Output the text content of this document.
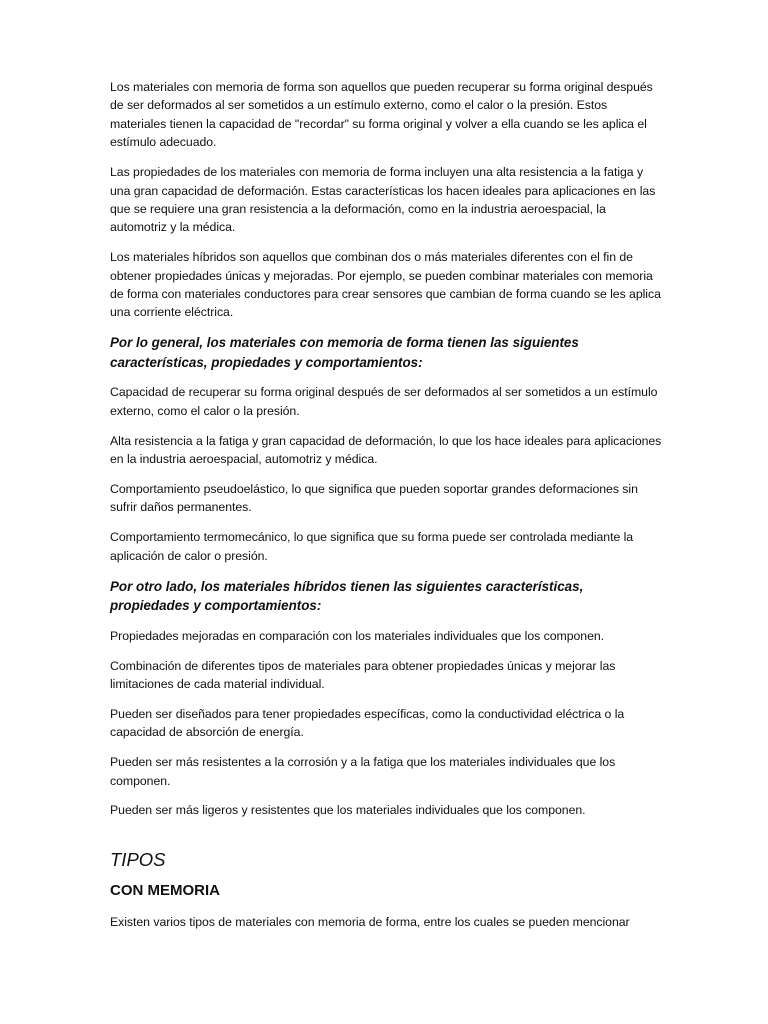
Los materiales con memoria de forma son aquellos que pueden recuperar su forma original después de ser deformados al ser sometidos a un estímulo externo, como el calor o la presión. Estos materiales tienen la capacidad de "recordar" su forma original y volver a ella cuando se les aplica el estímulo adecuado.

Las propiedades de los materiales con memoria de forma incluyen una alta resistencia a la fatiga y una gran capacidad de deformación. Estas características los hacen ideales para aplicaciones en las que se requiere una gran resistencia a la deformación, como en la industria aeroespacial, la automotriz y la médica.

Los materiales híbridos son aquellos que combinan dos o más materiales diferentes con el fin de obtener propiedades únicas y mejoradas. Por ejemplo, se pueden combinar materiales con memoria de forma con materiales conductores para crear sensores que cambian de forma cuando se les aplica una corriente eléctrica.

Por lo general, los materiales con memoria de forma tienen las siguientes características, propiedades y comportamientos:

Capacidad de recuperar su forma original después de ser deformados al ser sometidos a un estímulo externo, como el calor o la presión.

Alta resistencia a la fatiga y gran capacidad de deformación, lo que los hace ideales para aplicaciones en la industria aeroespacial, automotriz y médica.

Comportamiento pseudoelástico, lo que significa que pueden soportar grandes deformaciones sin sufrir daños permanentes.

Comportamiento termomecánico, lo que significa que su forma puede ser controlada mediante la aplicación de calor o presión.

Por otro lado, los materiales híbridos tienen las siguientes características, propiedades y comportamientos:

Propiedades mejoradas en comparación con los materiales individuales que los componen.

Combinación de diferentes tipos de materiales para obtener propiedades únicas y mejorar las limitaciones de cada material individual.

Pueden ser diseñados para tener propiedades específicas, como la conductividad eléctrica o la capacidad de absorción de energía.

Pueden ser más resistentes a la corrosión y a la fatiga que los materiales individuales que los componen.

Pueden ser más ligeros y resistentes que los materiales individuales que los componen.

TIPOS
CON MEMORIA

Existen varios tipos de materiales con memoria de forma, entre los cuales se pueden mencionar
